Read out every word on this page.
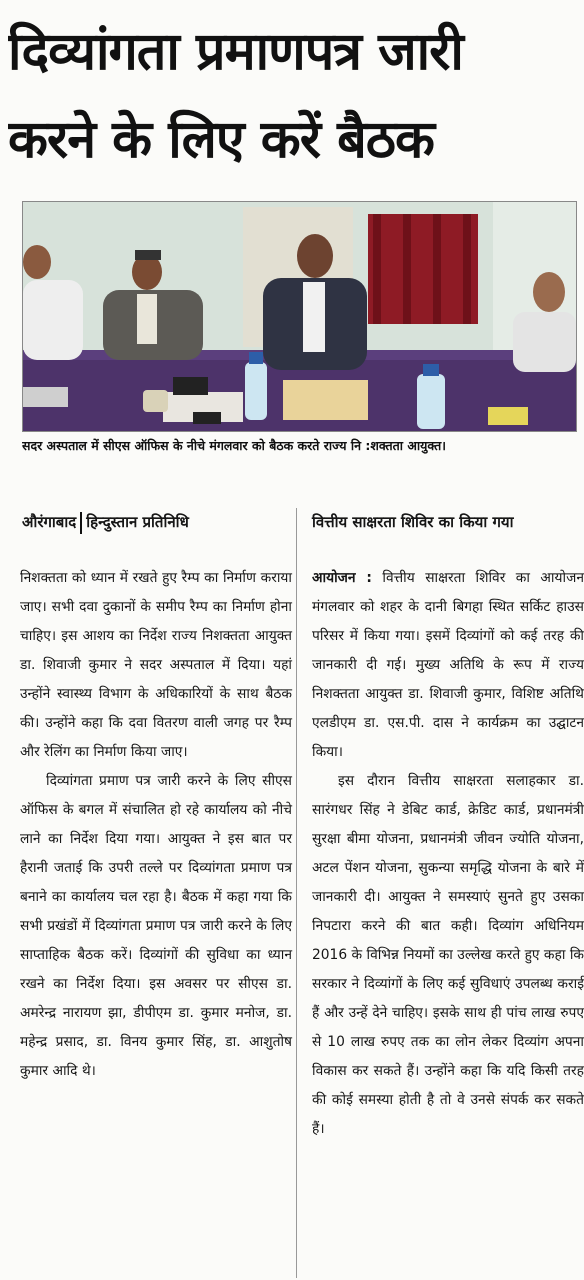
दिव्यांगता प्रमाणपत्र जारी
करने के लिए करें बैठक
सदर अस्पताल में सीएस ऑफिस के नीचे मंगलवार को बैठक करते राज्य नि :शक्तता आयुक्त।
औरंगाबाद हिन्दुस्तान प्रतिनिधि

निशक्तता को ध्यान में रखते हुए रैम्प का निर्माण कराया जाए। सभी दवा दुकानों के समीप रैम्प का निर्माण होना चाहिए। इस आशय का निर्देश राज्य निशक्तता आयुक्त डा. शिवाजी कुमार ने सदर अस्पताल में दिया। यहां उन्होंने स्वास्थ्य विभाग के अधिकारियों के साथ बैठक की। उन्होंने कहा कि दवा वितरण वाली जगह पर रैम्प और रेलिंग का निर्माण किया जाए।

दिव्यांगता प्रमाण पत्र जारी करने के लिए सीएस ऑफिस के बगल में संचालित हो रहे कार्यालय को नीचे लाने का निर्देश दिया गया। आयुक्त ने इस बात पर हैरानी जताई कि उपरी तल्ले पर दिव्यांगता प्रमाण पत्र बनाने का कार्यालय चल रहा है। बैठक में कहा गया कि सभी प्रखंडों में दिव्यांगता प्रमाण पत्र जारी करने के लिए साप्ताहिक बैठक करें। दिव्यांगों की सुविधा का ध्यान रखने का निर्देश दिया। इस अवसर पर सीएस डा. अमरेन्द्र नारायण झा, डीपीएम डा. कुमार मनोज, डा. महेन्द्र प्रसाद, डा. विनय कुमार सिंह, डा. आशुतोष कुमार आदि थे।

वित्तीय साक्षरता शिविर का किया गया

आयोजन : वित्तीय साक्षरता शिविर का आयोजन मंगलवार को शहर के दानी बिगहा स्थित सर्किट हाउस परिसर में किया गया। इसमें दिव्यांगों को कई तरह की जानकारी दी गई। मुख्य अतिथि के रूप में राज्य निशक्तता आयुक्त डा. शिवाजी कुमार, विशिष्ट अतिथि एलडीएम डा. एस.पी. दास ने कार्यक्रम का उद्घाटन किया।

इस दौरान वित्तीय साक्षरता सलाहकार डा. सारंगधर सिंह ने डेबिट कार्ड, क्रेडिट कार्ड, प्रधानमंत्री सुरक्षा बीमा योजना, प्रधानमंत्री जीवन ज्योति योजना, अटल पेंशन योजना, सुकन्या समृद्धि योजना के बारे में जानकारी दी। आयुक्त ने समस्याएं सुनते हुए उसका निपटारा करने की बात कही। दिव्यांग अधिनियम 2016 के विभिन्न नियमों का उल्लेख करते हुए कहा कि सरकार ने दिव्यांगों के लिए कई सुविधाएं उपलब्ध कराई हैं और उन्हें देने चाहिए। इसके साथ ही पांच लाख रुपए से 10 लाख रुपए तक का लोन लेकर दिव्यांग अपना विकास कर सकते हैं। उन्होंने कहा कि यदि किसी तरह की कोई समस्या होती है तो वे उनसे संपर्क कर सकते हैं।
